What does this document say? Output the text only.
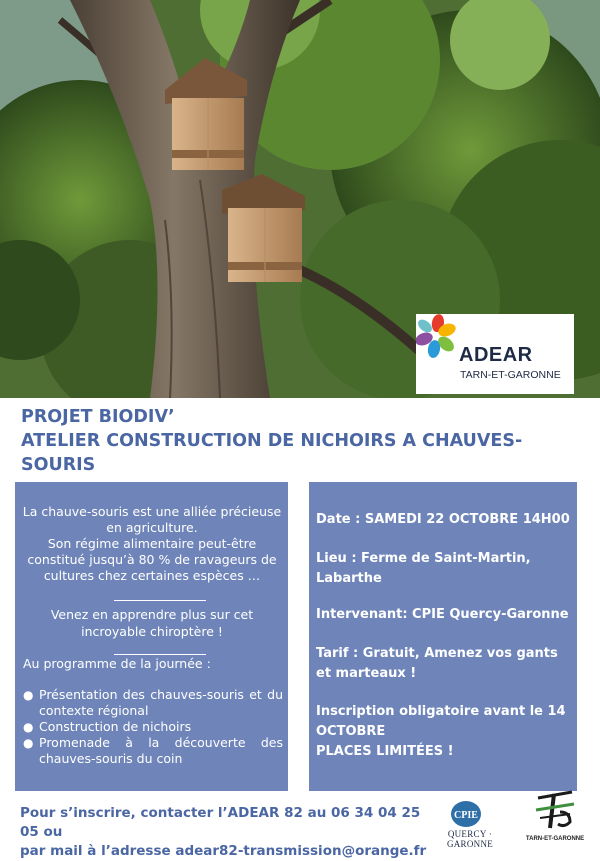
ADEAR
TARN-ET-GARONNE
PROJET BIODIV’
ATELIER CONSTRUCTION DE NICHOIRS A CHAUVES-
SOURIS
La chauve-souris est une alliée précieuse
en agriculture.
Son régime alimentaire peut-être
constitué jusqu’à 80 % de ravageurs de
cultures chez certaines espèces …
Venez en apprendre plus sur cet
incroyable chiroptère !
Au programme de la journée :
● Présentation des chauves-souris et du contexte régional
● Construction de nichoirs
● Promenade à la découverte des chauves-souris du coin
Date : SAMEDI 22 OCTOBRE 14H00
Lieu : Ferme de Saint-Martin, Labarthe
Intervenant: CPIE Quercy-Garonne
Tarif : Gratuit, Amenez vos gants et marteaux !
Inscription obligatoire avant le 14 OCTOBRE
PLACES LIMITÉES !
Pour s’inscrire, contacter l’ADEAR 82 au 06 34 04 25 05 ou
par mail à l’adresse adear82-transmission@orange.fr
CPIE
QUERCY · GARONNE	TARN-ET-GARONNE
